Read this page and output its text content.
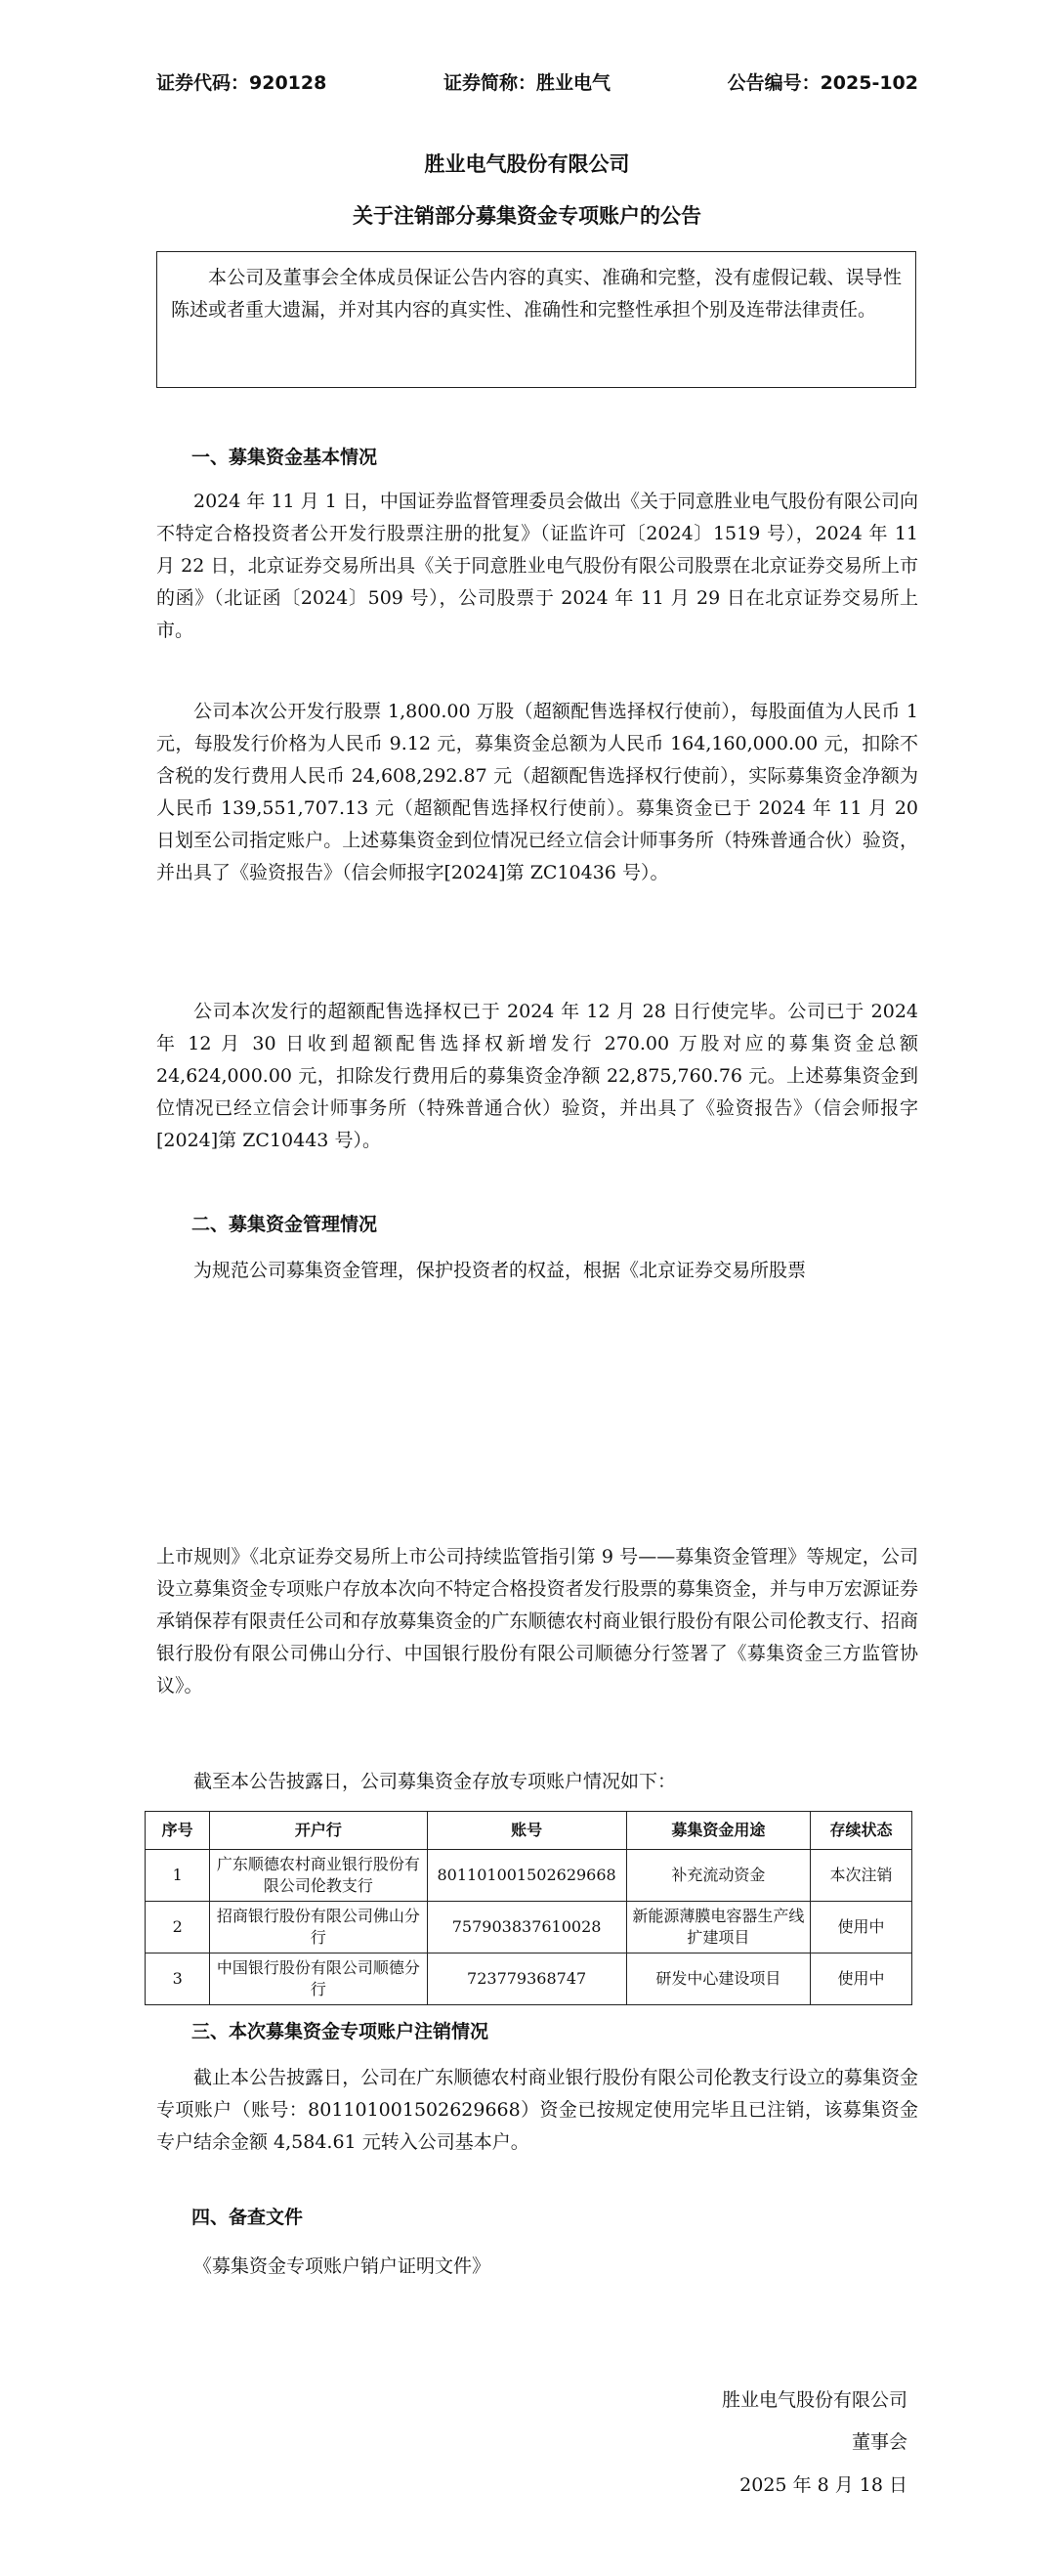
证券代码：920128	证券简称：胜业电气	公告编号：2025-102
胜业电气股份有限公司
关于注销部分募集资金专项账户的公告
本公司及董事会全体成员保证公告内容的真实、准确和完整，没有虚假记载、误导性陈述或者重大遗漏，并对其内容的真实性、准确性和完整性承担个别及连带法律责任。
一、募集资金基本情况
2024 年 11 月 1 日，中国证券监督管理委员会做出《关于同意胜业电气股份有限公司向不特定合格投资者公开发行股票注册的批复》（证监许可〔2024〕1519 号），2024 年 11 月 22 日，北京证券交易所出具《关于同意胜业电气股份有限公司股票在北京证券交易所上市的函》（北证函〔2024〕509 号），公司股票于 2024 年 11 月 29 日在北京证券交易所上市。
公司本次公开发行股票 1,800.00 万股（超额配售选择权行使前），每股面值为人民币 1 元，每股发行价格为人民币 9.12 元，募集资金总额为人民币 164,160,000.00 元，扣除不含税的发行费用人民币 24,608,292.87 元（超额配售选择权行使前），实际募集资金净额为人民币 139,551,707.13 元（超额配售选择权行使前）。募集资金已于 2024 年 11 月 20 日划至公司指定账户。上述募集资金到位情况已经立信会计师事务所（特殊普通合伙）验资，并出具了《验资报告》（信会师报字[2024]第 ZC10436 号）。
公司本次发行的超额配售选择权已于 2024 年 12 月 28 日行使完毕。公司已于 2024 年 12 月 30 日收到超额配售选择权新增发行 270.00 万股对应的募集资金总额 24,624,000.00 元，扣除发行费用后的募集资金净额 22,875,760.76 元。上述募集资金到位情况已经立信会计师事务所（特殊普通合伙）验资，并出具了《验资报告》（信会师报字[2024]第 ZC10443 号）。
二、募集资金管理情况
为规范公司募集资金管理，保护投资者的权益，根据《北京证券交易所股票
上市规则》《北京证券交易所上市公司持续监管指引第 9 号——募集资金管理》等规定，公司设立募集资金专项账户存放本次向不特定合格投资者发行股票的募集资金，并与申万宏源证券承销保荐有限责任公司和存放募集资金的广东顺德农村商业银行股份有限公司伦教支行、招商银行股份有限公司佛山分行、中国银行股份有限公司顺德分行签署了《募集资金三方监管协议》。
截至本公告披露日，公司募集资金存放专项账户情况如下：
序号	开户行	账号	募集资金用途	存续状态
1	广东顺德农村商业银行股份有限公司伦教支行	801101001502629668	补充流动资金	本次注销
2	招商银行股份有限公司佛山分行	757903837610028	新能源薄膜电容器生产线扩建项目	使用中
3	中国银行股份有限公司顺德分行	723779368747	研发中心建设项目	使用中
三、本次募集资金专项账户注销情况
截止本公告披露日，公司在广东顺德农村商业银行股份有限公司伦教支行设立的募集资金专项账户（账号：801101001502629668）资金已按规定使用完毕且已注销，该募集资金专户结余金额 4,584.61 元转入公司基本户。
四、备查文件
《募集资金专项账户销户证明文件》
胜业电气股份有限公司
董事会
2025 年 8 月 18 日
